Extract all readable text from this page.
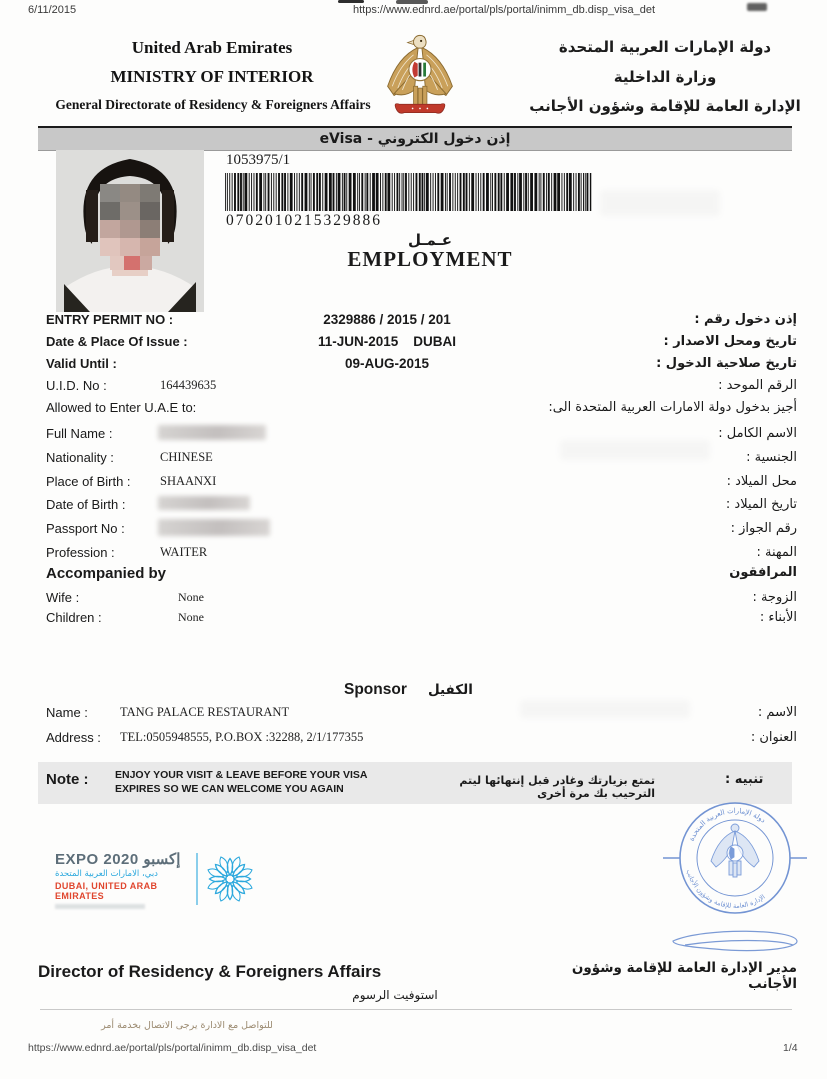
6/11/2015	https://www.ednrd.ae/portal/pls/portal/inimm_db.disp_visa_det
United Arab Emirates
MINISTRY OF INTERIOR
General Directorate of Residency & Foreigners Affairs
دولة الإمارات العربية المتحدة
وزارة الداخلية
الإدارة العامة للإقامة وشؤون الأجانب
إذن دخول الكتروني - eVisa
1053975/1
0702010215329886
عـمـل
EMPLOYMENT
ENTRY PERMIT NO :	2329886 / 2015 / 201	إذن دخول رقم :
Date & Place Of Issue :	11-JUN-2015    DUBAI	تاريخ ومحل الاصدار :
Valid Until :	09-AUG-2015	تاريخ صلاحية الدخول :
U.I.D. No :	164439635	الرقم الموحد :
Allowed to Enter U.A.E to:	أجيز بدخول دولة الامارات العربية المتحدة الى:
Full Name :	الاسم الكامل :
Nationality :	CHINESE	الجنسية :
Place of Birth : SHAANXI	محل الميلاد :
Date of Birth :	تاريخ الميلاد :
Passport No :	رقم الجواز :
Profession :	WAITER	المهنة :
Accompanied by	المرافقون
Wife :	None	الزوجة :
Children :	None	الأبناء :
Sponsor الكفيل
Name :	TANG PALACE RESTAURANT	الاسم :
Address : TEL:0505948555, P.O.BOX :32288, 2/1/177355	العنوان :
Note :	ENJOY YOUR VISIT & LEAVE BEFORE YOUR VISA
EXPIRES SO WE CAN WELCOME YOU AGAIN
تمتع بزيارتك وغادر قبل إنتهائها ليتم الترحيب بك مرة أخرى
تنبيه :
EXPO 2020 إكسبو
دبي، الامارات العربية المتحدة
DUBAI, UNITED ARAB EMIRATES
دولة الإمارات العربية المتحدة
الإدارة العامة للإقامة وشؤون الأجانب
Director of Residency & Foreigners Affairs	مدير الإدارة العامة للإقامة وشؤون الأجانب
استوفيت الرسوم
للتواصل مع الادارة يرجى الاتصال بخدمة أمر
https://www.ednrd.ae/portal/pls/portal/inimm_db.disp_visa_det	1/4
